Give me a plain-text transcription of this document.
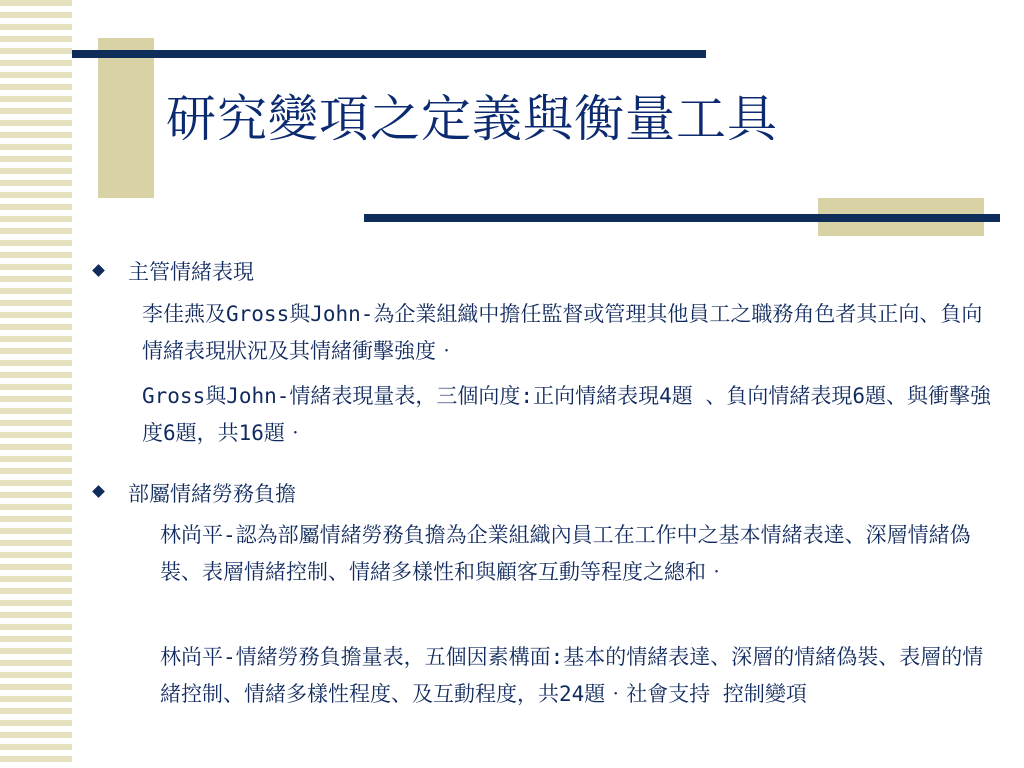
研究變項之定義與衡量工具
主管情緒表現
李佳燕及Gross與John-為企業組織中擔任監督或管理其他員工之職務角色者其正向、負向情緒表現狀況及其情緒衝擊強度‧
Gross與John-情緒表現量表，三個向度:正向情緒表現4題 、負向情緒表現6題、與衝擊強度6題，共16題‧
部屬情緒勞務負擔
林尚平-認為部屬情緒勞務負擔為企業組織內員工在工作中之基本情緒表達、深層情緒偽裝、表層情緒控制、情緒多樣性和與顧客互動等程度之總和‧
林尚平-情緒勞務負擔量表，五個因素構面:基本的情緒表達、深層的情緒偽裝、表層的情緒控制、情緒多樣性程度、及互動程度，共24題‧社會支持 控制變項
